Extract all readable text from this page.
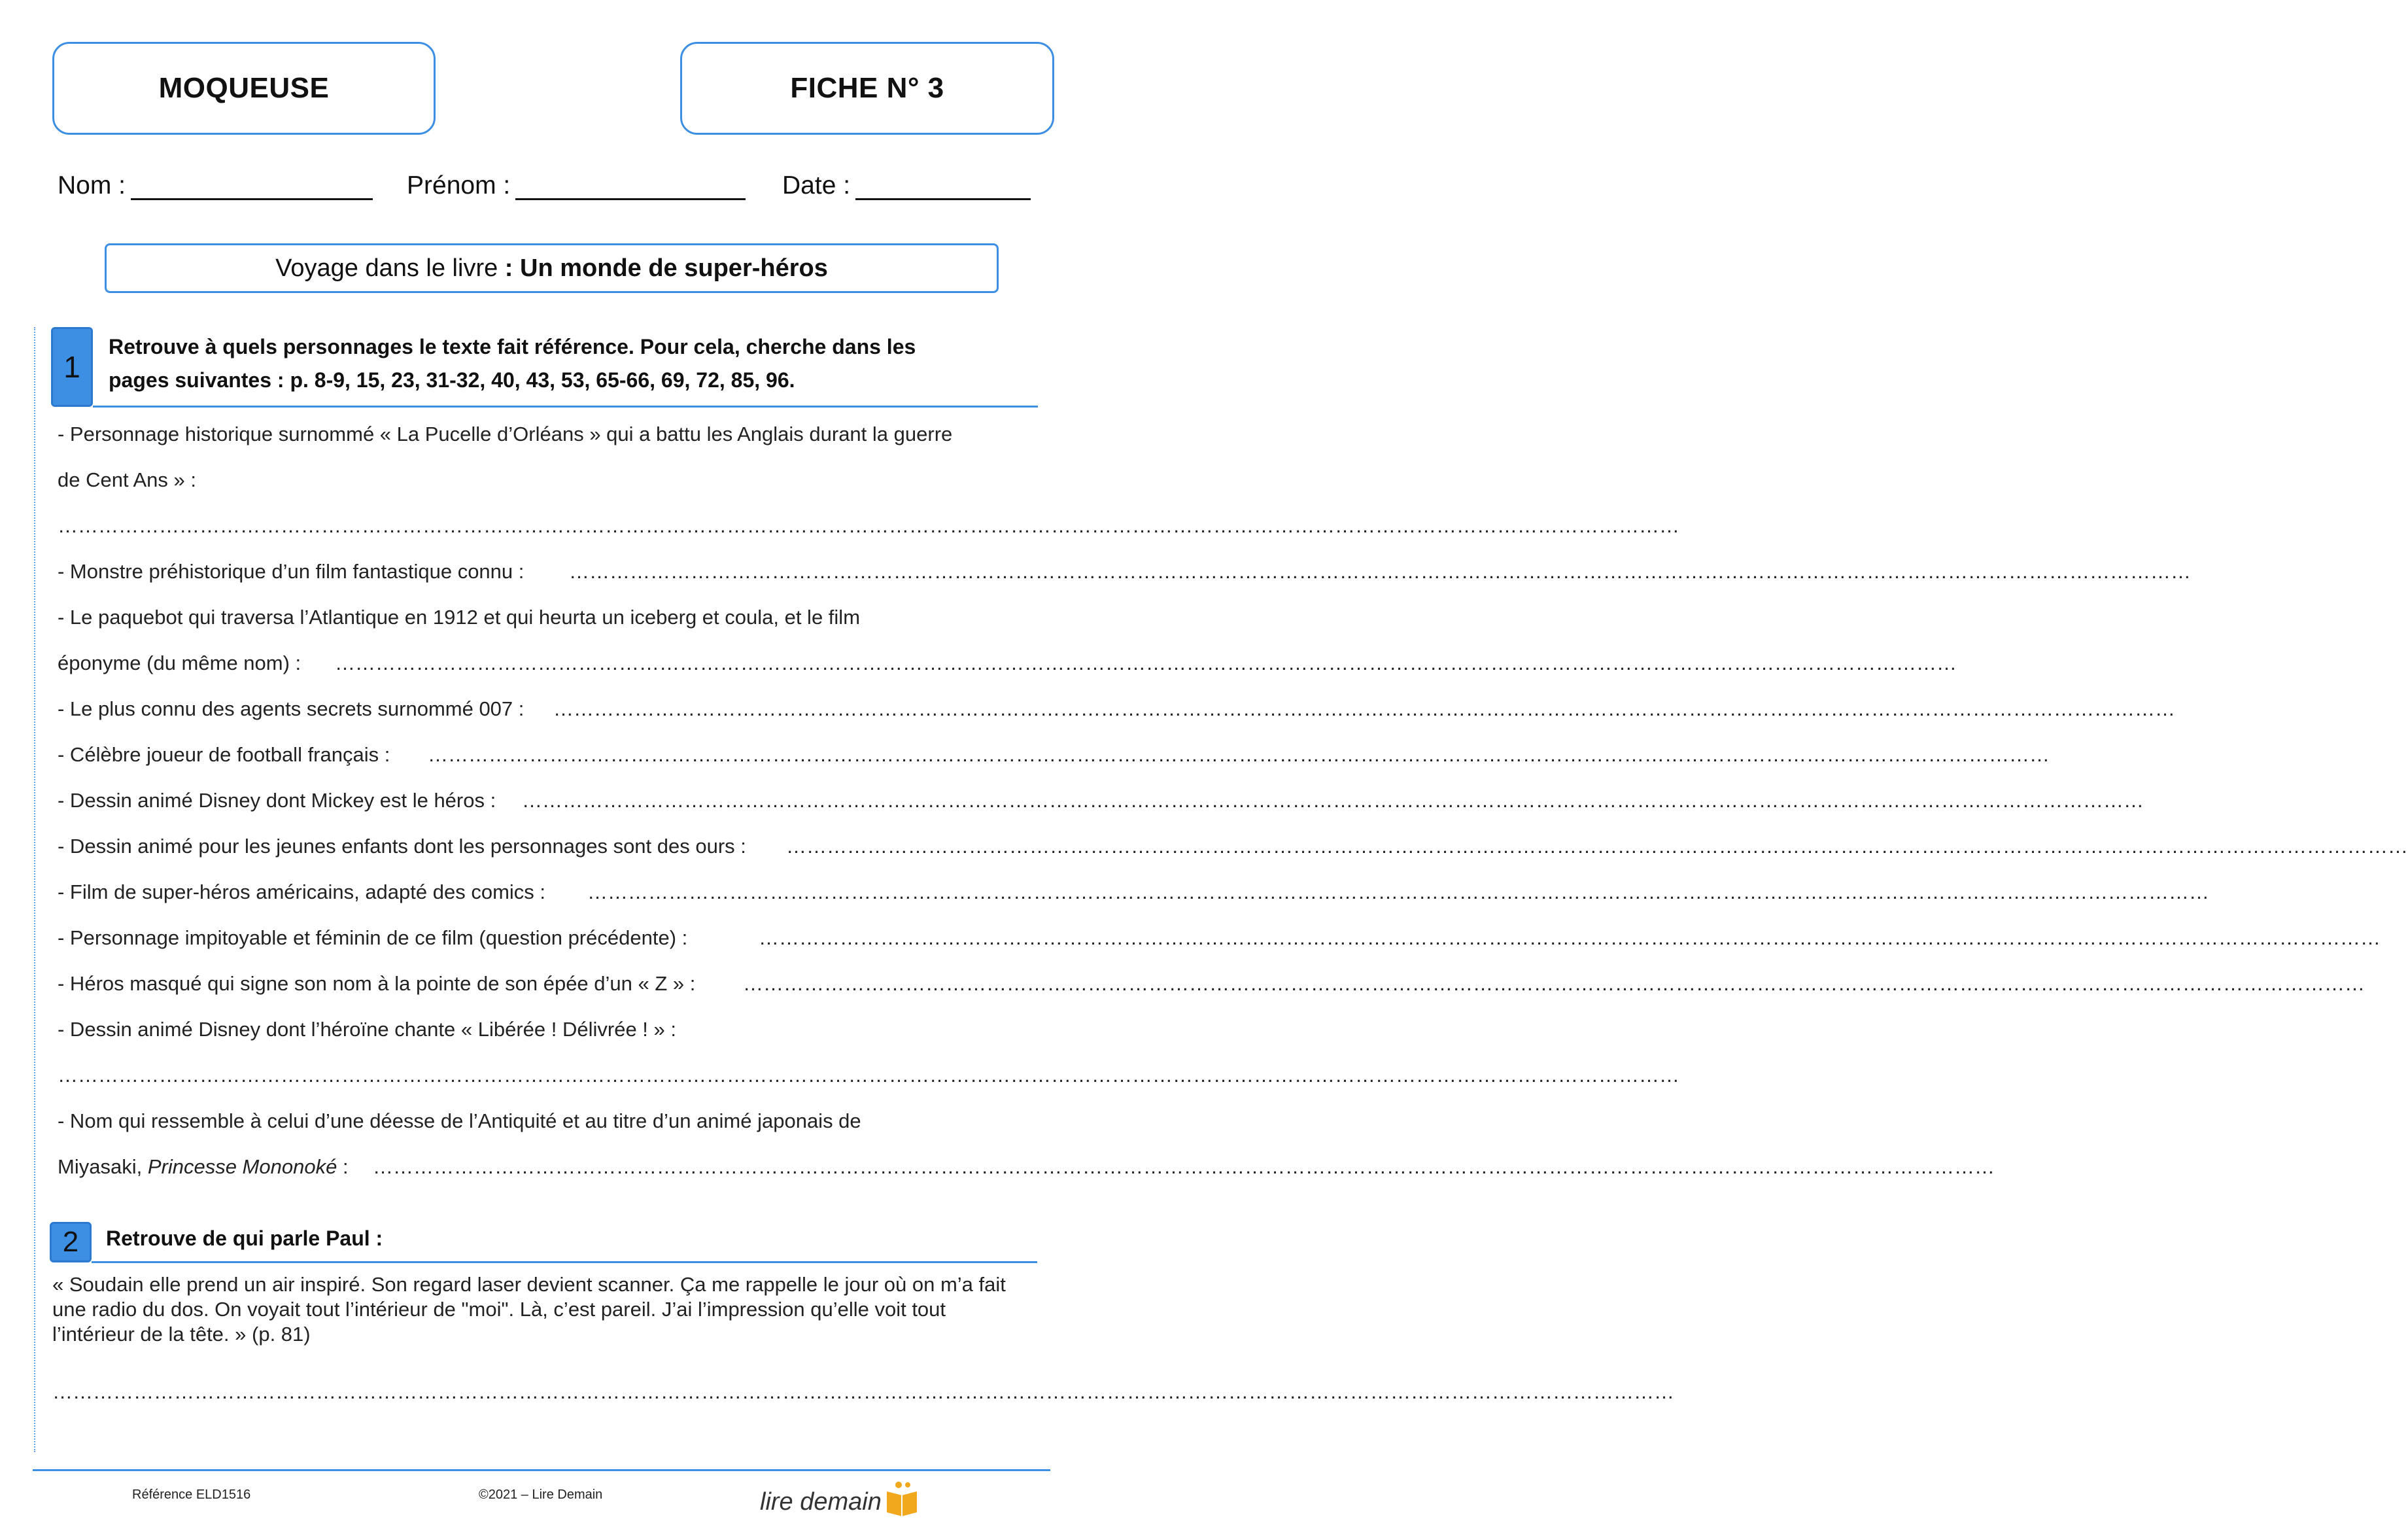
MOQUEUSE	FICHE N° 3
Nom :	Prénom :	Date :
Voyage dans le livre : Un monde de super-héros
1
Retrouve à quels personnages le texte fait référence. Pour cela, cherche dans les
pages suivantes : p. 8-9, 15, 23, 31-32, 40, 43, 53, 65-66, 69, 72, 85, 96.
- Personnage historique surnommé « La Pucelle d’Orléans » qui a battu les Anglais durant la guerre
de Cent Ans » :
……………………………………………………………………………………………………………………………………………………………………………………………………………………
- Monstre préhistorique d’un film fantastique connu : ……………………………………………………………………………………………………………………………………………………………………………………………………………………
- Le paquebot qui traversa l’Atlantique en 1912 et qui heurta un iceberg et coula, et le film
éponyme (du même nom) : ……………………………………………………………………………………………………………………………………………………………………………………………………………………
- Le plus connu des agents secrets surnommé 007 : ……………………………………………………………………………………………………………………………………………………………………………………………………………………
- Célèbre joueur de football français : ……………………………………………………………………………………………………………………………………………………………………………………………………………………
- Dessin animé Disney dont Mickey est le héros : ……………………………………………………………………………………………………………………………………………………………………………………………………………………
- Dessin animé pour les jeunes enfants dont les personnages sont des ours : ……………………………………………………………………………………………………………………………………………………………………………………………………………………
- Film de super-héros américains, adapté des comics : ……………………………………………………………………………………………………………………………………………………………………………………………………………………
- Personnage impitoyable et féminin de ce film (question précédente) :	……………………………………………………………………………………………………………………………………………………………………………………………………………………
- Héros masqué qui signe son nom à la pointe de son épée d’un « Z » : ……………………………………………………………………………………………………………………………………………………………………………………………………………………
- Dessin animé Disney dont l’héroïne chante « Libérée ! Délivrée ! » :
……………………………………………………………………………………………………………………………………………………………………………………………………………………
- Nom qui ressemble à celui d’une déesse de l’Antiquité et au titre d’un animé japonais de
Miyasaki, Princesse Mononoké : ……………………………………………………………………………………………………………………………………………………………………………………………………………………
2 Retrouve de qui parle Paul :
« Soudain elle prend un air inspiré. Son regard laser devient scanner. Ça me rappelle le jour où on m’a fait une radio du dos. On voyait tout l’intérieur de "moi". Là, c’est pareil. J’ai l’impression qu’elle voit tout l’intérieur de la tête. » (p. 81)
……………………………………………………………………………………………………………………………………………………………………………………………………………………
Référence ELD1516	©2021 – Lire Demain	lire demain
